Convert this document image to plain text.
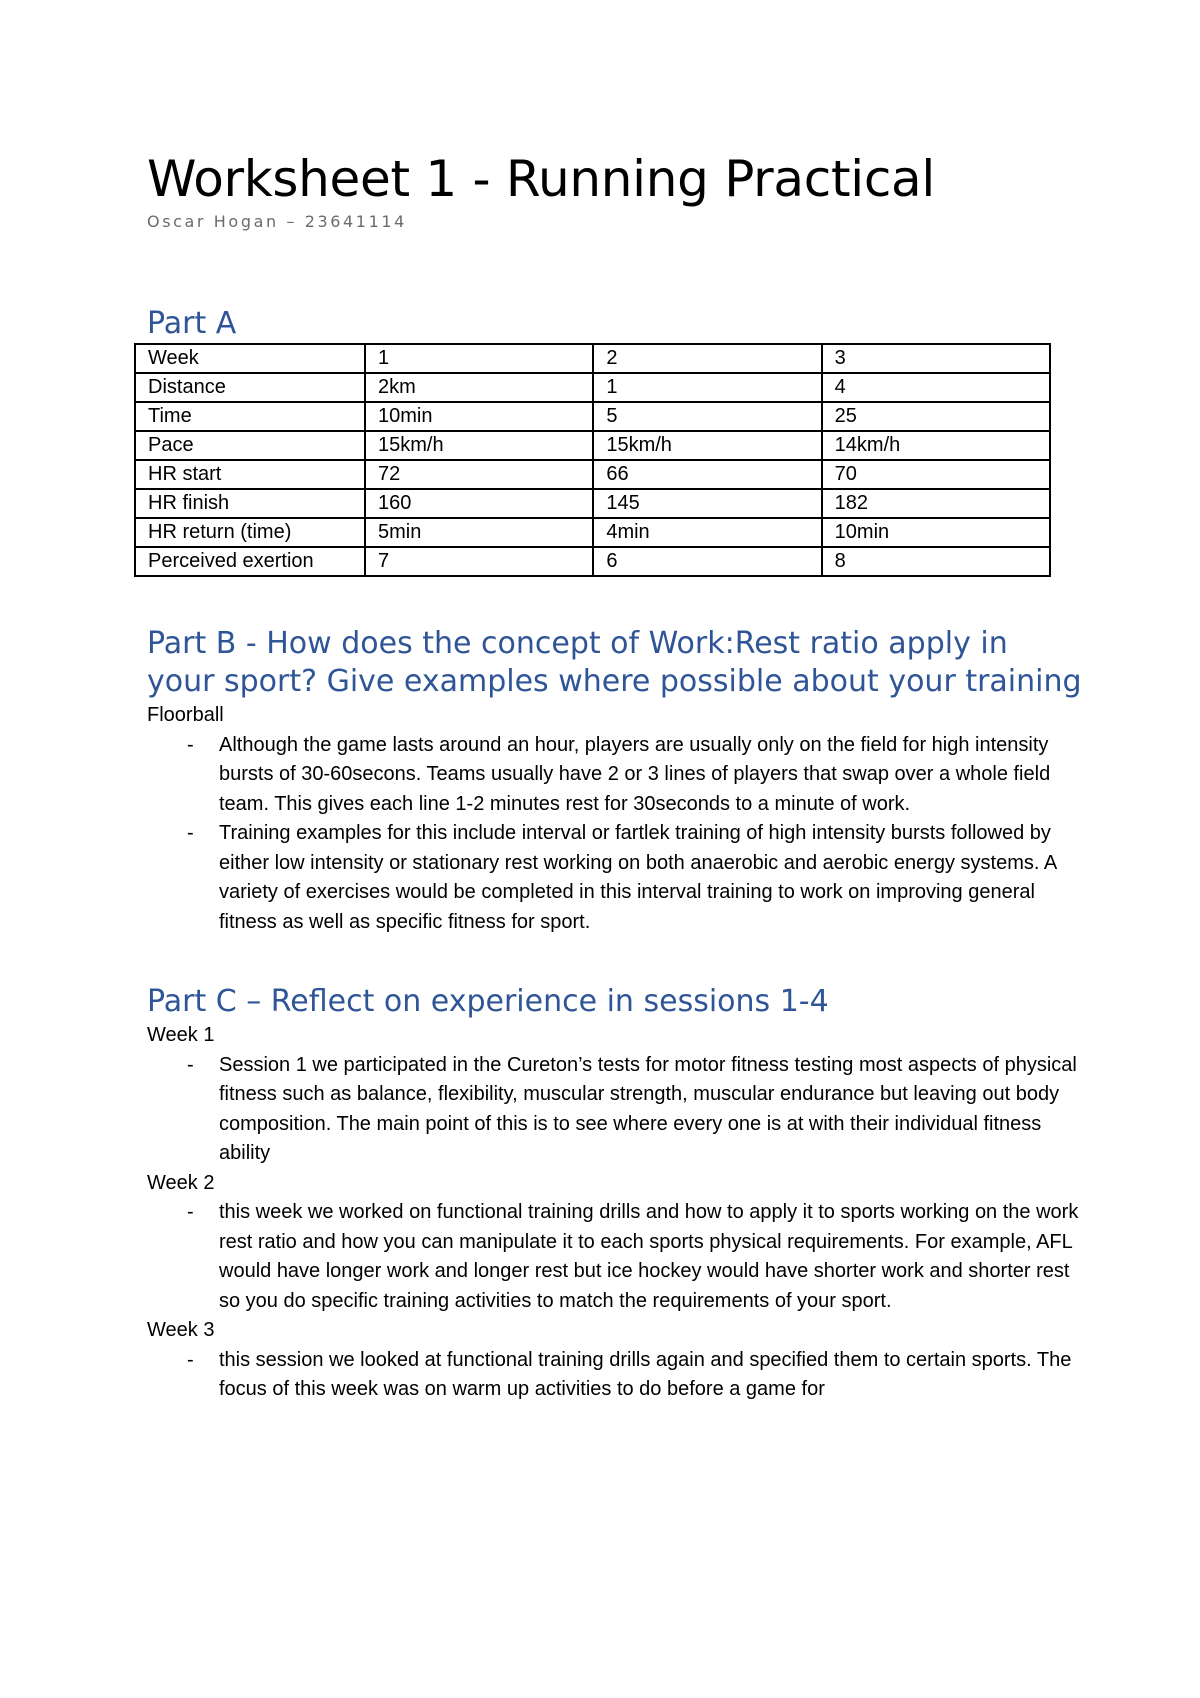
Worksheet 1 - Running Practical
Oscar Hogan – 23641114
Part A
Week	1	2	3
Distance	2km	1	4
Time	10min	5	25
Pace	15km/h	15km/h	14km/h
HR start	72	66	70
HR finish	160	145	182
HR return (time)	5min	4min	10min
Perceived exertion	7	6	8
Part B - How does the concept of Work:Rest ratio apply in your sport? Give examples where possible about your training
Floorball
- Although the game lasts around an hour, players are usually only on the field for high intensity bursts of 30-60secons. Teams usually have 2 or 3 lines of players that swap over a whole field team. This gives each line 1-2 minutes rest for 30seconds to a minute of work.
- Training examples for this include interval or fartlek training of high intensity bursts followed by either low intensity or stationary rest working on both anaerobic and aerobic energy systems. A variety of exercises would be completed in this interval training to work on improving general fitness as well as specific fitness for sport.
Part C – Reflect on experience in sessions 1-4
Week 1
- Session 1 we participated in the Cureton’s tests for motor fitness testing most aspects of physical fitness such as balance, flexibility, muscular strength, muscular endurance but leaving out body composition. The main point of this is to see where every one is at with their individual fitness ability
Week 2
- this week we worked on functional training drills and how to apply it to sports working on the work rest ratio and how you can manipulate it to each sports physical requirements. For example, AFL would have longer work and longer rest but ice hockey would have shorter work and shorter rest so you do specific training activities to match the requirements of your sport.
Week 3
- this session we looked at functional training drills again and specified them to certain sports. The focus of this week was on warm up activities to do before a game for
